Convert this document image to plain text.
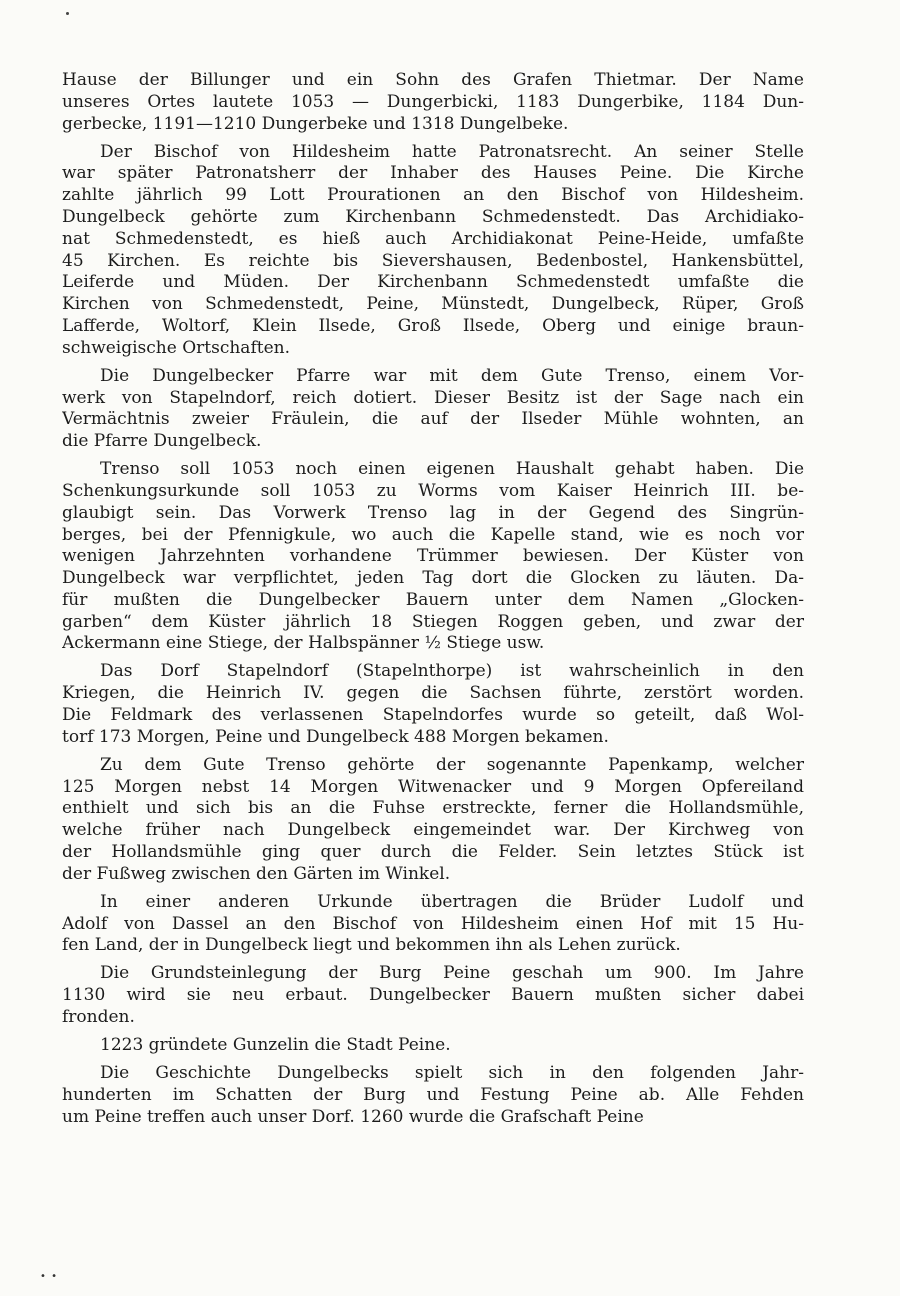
Hause der Billunger und ein Sohn des Grafen Thietmar. Der Name
unseres Ortes lautete 1053 — Dungerbicki, 1183 Dungerbike, 1184 Dun-
gerbecke, 1191—1210 Dungerbeke und 1318 Dungelbeke.
Der Bischof von Hildesheim hatte Patronatsrecht. An seiner Stelle
war später Patronatsherr der Inhaber des Hauses Peine. Die Kirche
zahlte jährlich 99 Lott Prourationen an den Bischof von Hildesheim.
Dungelbeck gehörte zum Kirchenbann Schmedenstedt. Das Archidiako-
nat Schmedenstedt, es hieß auch Archidiakonat Peine-Heide, umfaßte
45 Kirchen. Es reichte bis Sievershausen, Bedenbostel, Hankensbüttel,
Leiferde und Müden. Der Kirchenbann Schmedenstedt umfaßte die
Kirchen von Schmedenstedt, Peine, Münstedt, Dungelbeck, Rüper, Groß
Lafferde, Woltorf, Klein Ilsede, Groß Ilsede, Oberg und einige braun-
schweigische Ortschaften.
Die Dungelbecker Pfarre war mit dem Gute Trenso, einem Vor-
werk von Stapelndorf, reich dotiert. Dieser Besitz ist der Sage nach ein
Vermächtnis zweier Fräulein, die auf der Ilseder Mühle wohnten, an
die Pfarre Dungelbeck.
Trenso soll 1053 noch einen eigenen Haushalt gehabt haben. Die
Schenkungsurkunde soll 1053 zu Worms vom Kaiser Heinrich III. be-
glaubigt sein. Das Vorwerk Trenso lag in der Gegend des Singrün-
berges, bei der Pfennigkule, wo auch die Kapelle stand, wie es noch vor
wenigen Jahrzehnten vorhandene Trümmer bewiesen. Der Küster von
Dungelbeck war verpflichtet, jeden Tag dort die Glocken zu läuten. Da-
für mußten die Dungelbecker Bauern unter dem Namen „Glocken-
garben“ dem Küster jährlich 18 Stiegen Roggen geben, und zwar der
Ackermann eine Stiege, der Halbspänner ½ Stiege usw.
Das Dorf Stapelndorf (Stapelnthorpe) ist wahrscheinlich in den
Kriegen, die Heinrich IV. gegen die Sachsen führte, zerstört worden.
Die Feldmark des verlassenen Stapelndorfes wurde so geteilt, daß Wol-
torf 173 Morgen, Peine und Dungelbeck 488 Morgen bekamen.
Zu dem Gute Trenso gehörte der sogenannte Papenkamp, welcher
125 Morgen nebst 14 Morgen Witwenacker und 9 Morgen Opfereiland
enthielt und sich bis an die Fuhse erstreckte, ferner die Hollandsmühle,
welche früher nach Dungelbeck eingemeindet war. Der Kirchweg von
der Hollandsmühle ging quer durch die Felder. Sein letztes Stück ist
der Fußweg zwischen den Gärten im Winkel.
In einer anderen Urkunde übertragen die Brüder Ludolf und
Adolf von Dassel an den Bischof von Hildesheim einen Hof mit 15 Hu-
fen Land, der in Dungelbeck liegt und bekommen ihn als Lehen zurück.
Die Grundsteinlegung der Burg Peine geschah um 900. Im Jahre
1130 wird sie neu erbaut. Dungelbecker Bauern mußten sicher dabei
fronden.
1223 gründete Gunzelin die Stadt Peine.
Die Geschichte Dungelbecks spielt sich in den folgenden Jahr-
hunderten im Schatten der Burg und Festung Peine ab. Alle Fehden
um Peine treffen auch unser Dorf. 1260 wurde die Grafschaft Peine
• •
